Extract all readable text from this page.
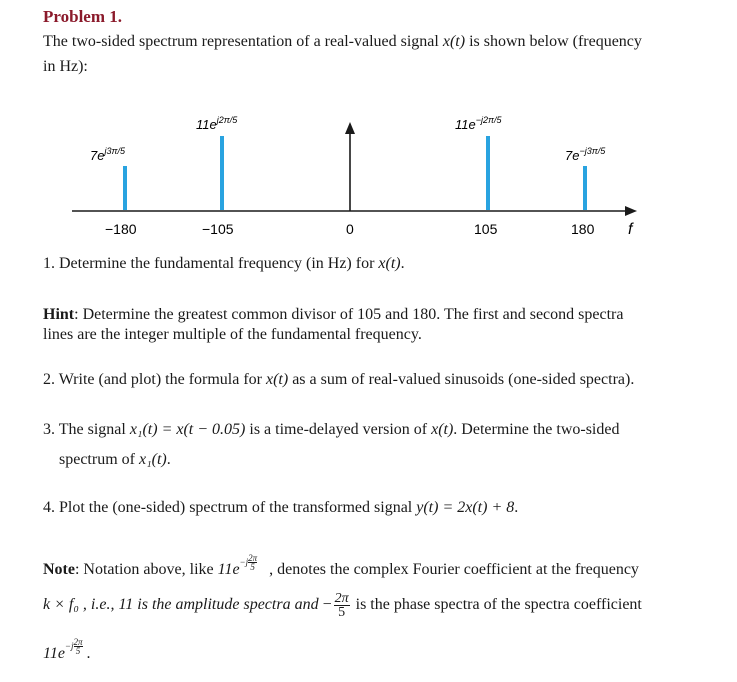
Problem 1.
The two-sided spectrum representation of a real-valued signal x(t) is shown below (frequency
in Hz):
f
−180	−105	0	105	180
$7e^{j3\pi/5}$
$11e^{j2\pi/5}$	$11e^{-j2\pi/5}$
$7e^{-j3\pi/5}$
1. Determine the fundamental frequency (in Hz) for x(t).
Hint: Determine the greatest common divisor of 105 and 180. The first and second spectra
lines are the integer multiple of the fundamental frequency.
2. Write (and plot) the formula for x(t) as a sum of real-valued sinusoids (one-sided spectra).
3. The signal x₁(t) = x(t − 0.05) is a time-delayed version of x(t). Determine the two-sided
spectrum of x₁(t).
4. Plot the (one-sided) spectrum of the transformed signal y(t) = 2x(t) + 8.
Note: Notation above, like $11e-j \frac{2\pi}{5}$ , denotes the complex Fourier coefficient at the frequency
k × f₀ , i.e., 11 is the amplitude spectra and − $\frac{2\pi}{5}$ is the phase spectra of the spectra coefficient
$11e-j \frac{2\pi}{5}$ .
